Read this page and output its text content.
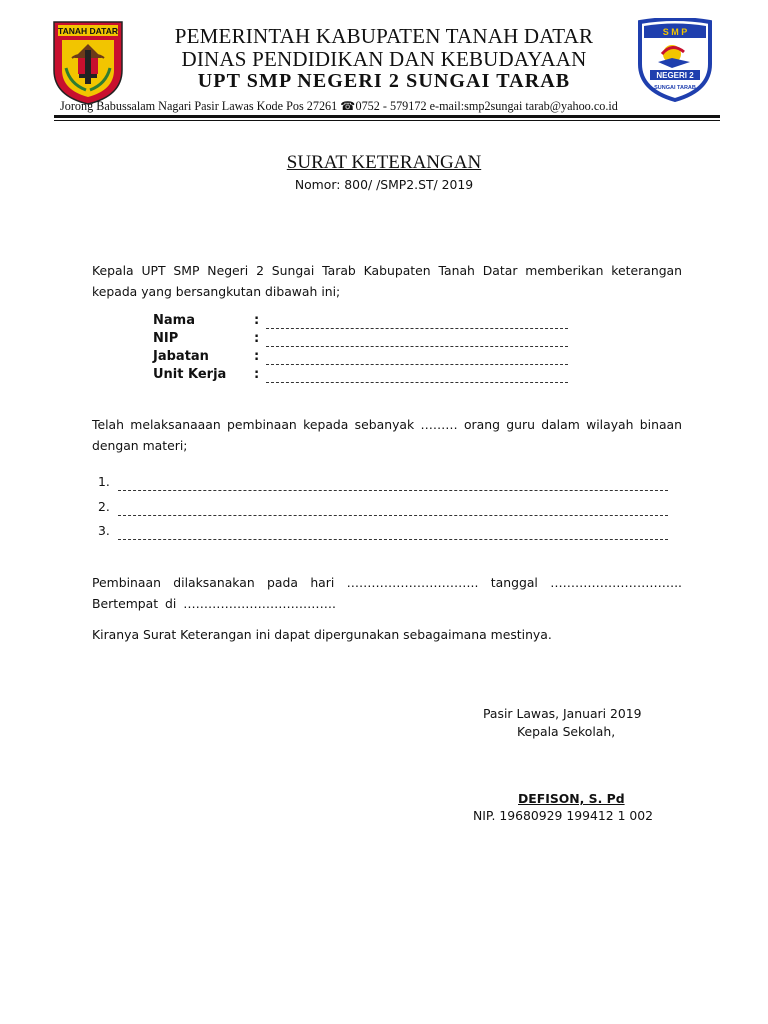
TANAH DATAR	PEMERINTAH KABUPATEN TANAH DATAR
DINAS PENDIDIKAN DAN KEBUDAYAAN
UPT SMP NEGERI 2 SUNGAI TARAB
S M P
NEGERI 2
SUNGAI TARAB
Jorong Babussalam Nagari Pasir Lawas Kode Pos 27261 ☎0752 - 579172 e-mail:smp2sungai tarab@yahoo.co.id
SURAT KETERANGAN
Nomor: 800/ /SMP2.ST/ 2019
Kepala UPT SMP Negeri 2 Sungai Tarab Kabupaten Tanah Datar memberikan keterangan kepada yang bersangkutan dibawah ini;
Nama	:
NIP	:
Jabatan	:
Unit Kerja :
Telah melaksanaaan pembinaan kepada sebanyak ……… orang guru dalam wilayah binaan dengan materi;
1.
2.
3.
Pembinaan dilaksanakan pada hari ………………………….. tanggal ………………………….. Bertempat di ……………………………….
Kiranya Surat Keterangan ini dapat dipergunakan sebagaimana mestinya.
Pasir Lawas, Januari 2019
Kepala Sekolah,
DEFISON, S. Pd
NIP. 19680929 199412 1 002
